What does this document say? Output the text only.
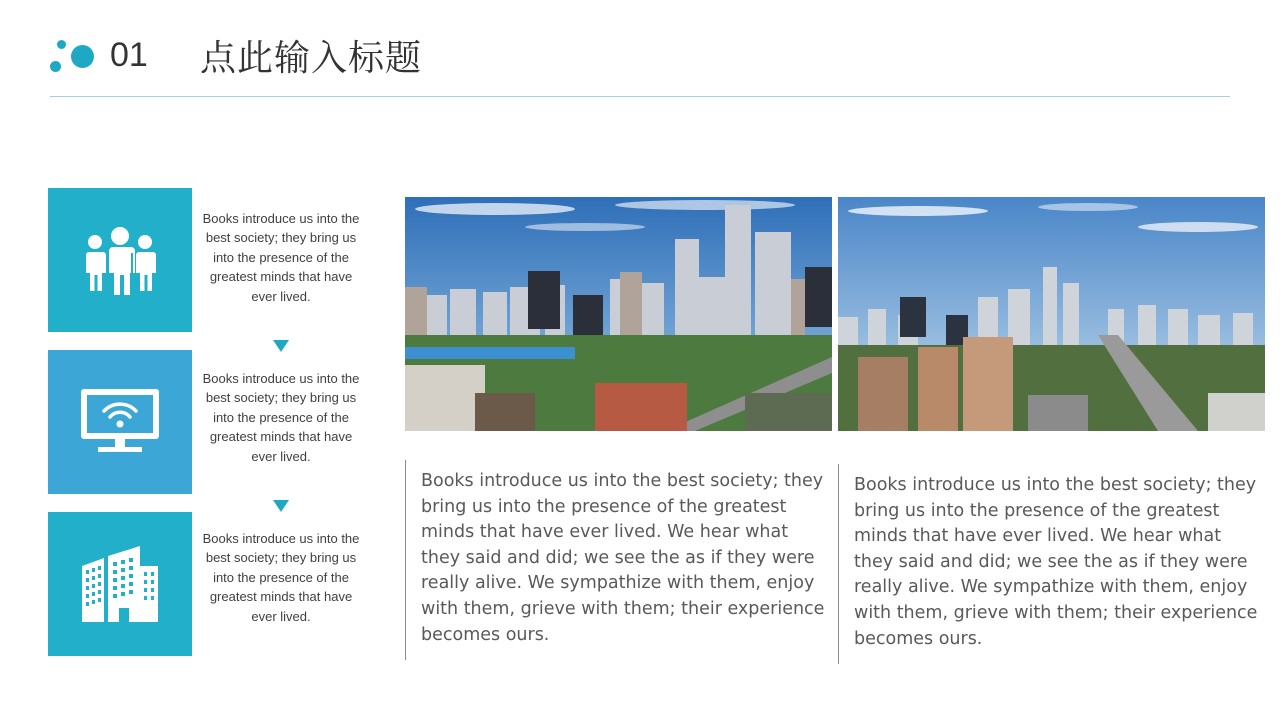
01 点此输入标题
Books introduce us into the best society; they bring us into the presence of the greatest minds that have ever lived.
Books introduce us into the best society; they bring us into the presence of the greatest minds that have ever lived.
Books introduce us into the best society; they bring us into the presence of the greatest minds that have ever lived.
Books introduce us into the best society; they bring us into the presence of the greatest minds that have ever lived. We hear what they said and did; we see the as if they were really alive. We sympathize with them, enjoy with them, grieve with them; their experience becomes ours.
Books introduce us into the best society; they bring us into the presence of the greatest minds that have ever lived. We hear what they said and did; we see the as if they were really alive. We sympathize with them, enjoy with them, grieve with them; their experience becomes ours.
